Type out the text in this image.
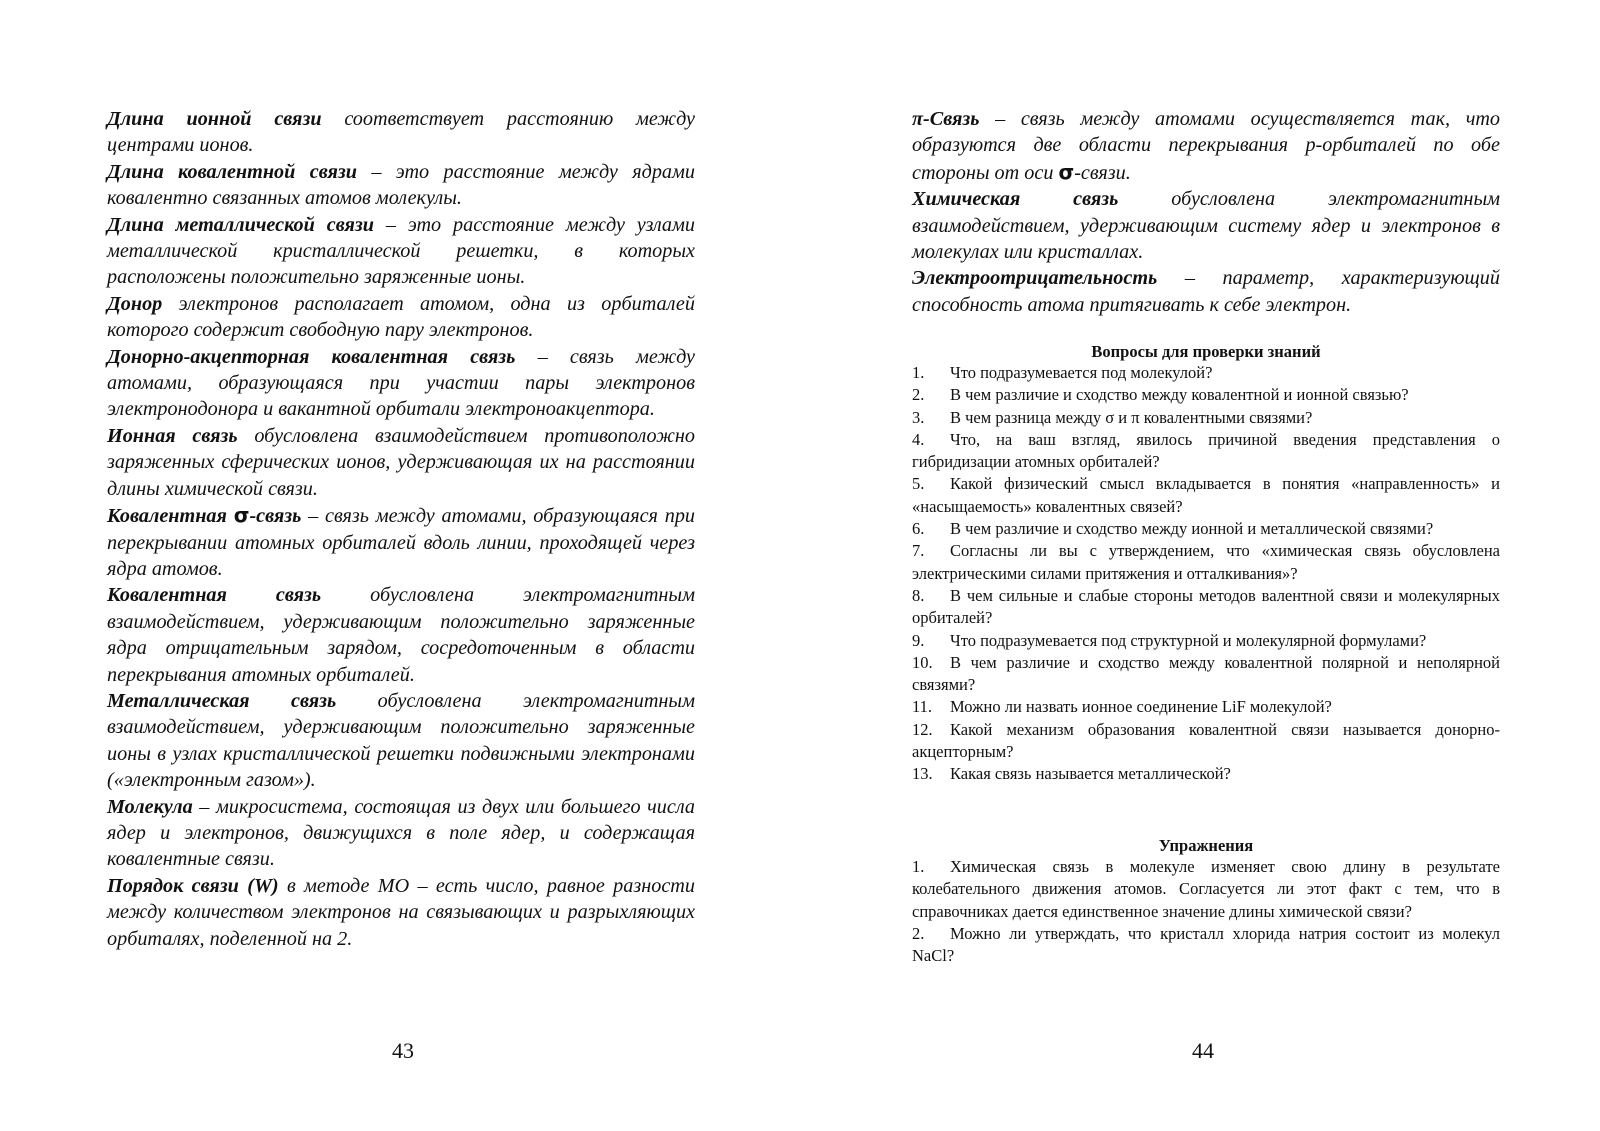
Длина ионной связи соответствует расстоянию между центрами ионов.

Длина ковалентной связи – это расстояние между ядрами ковалентно связанных атомов молекулы.

Длина металлической связи – это расстояние между узлами металлической кристаллической решетки, в которых расположены положительно заряженные ионы.

Донор электронов располагает атомом, одна из орбиталей которого содержит свободную пару электронов.

Донорно-акцепторная ковалентная связь – связь между атомами, образующаяся при участии пары электронов электронодонора и вакантной орбитали электроноакцептора.

Ионная связь обусловлена взаимодействием противоположно заряженных сферических ионов, удерживающая их на расстоянии длины химической связи.

Ковалентная σ-связь – связь между атомами, образующаяся при перекрывании атомных орбиталей вдоль линии, проходящей через ядра атомов.

Ковалентная связь обусловлена электромагнитным взаимодействием, удерживающим положительно заряженные ядра отрицательным зарядом, сосредоточенным в области перекрывания атомных орбиталей.

Металлическая связь обусловлена электромагнитным взаимодействием, удерживающим положительно заряженные ионы в узлах кристаллической решетки подвижными электронами («электронным газом»).

Молекула – микросистема, состоящая из двух или большего числа ядер и электронов, движущихся в поле ядер, и содержащая ковалентные связи.

Порядок связи (W) в методе МО – есть число, равное разности между количеством электронов на связывающих и разрыхляющих орбиталях, поделенной на 2.

43

π-Связь – связь между атомами осуществляется так, что образуются две области перекрывания p-орбиталей по обе стороны от оси σ-связи.

Химическая связь обусловлена электромагнитным взаимодействием, удерживающим систему ядер и электронов в молекулах или кристаллах.

Электроотрицательность – параметр, характеризующий способность атома притягивать к себе электрон.

Вопросы для проверки знаний

1. Что подразумевается под молекулой?

2. В чем различие и сходство между ковалентной и ионной связью?

3. В чем разница между σ и π ковалентными связями?

4. Что, на ваш взгляд, явилось причиной введения представления о гибридизации атомных орбиталей?

5. Какой физический смысл вкладывается в понятия «направленность» и «насыщаемость» ковалентных связей?

6. В чем различие и сходство между ионной и металлической связями?

7. Согласны ли вы с утверждением, что «химическая связь обусловлена электрическими силами притяжения и отталкивания»?

8. В чем сильные и слабые стороны методов валентной связи и молекулярных орбиталей?

9. Что подразумевается под структурной и молекулярной формулами?

10. В чем различие и сходство между ковалентной полярной и неполярной связями?

11. Можно ли назвать ионное соединение LiF молекулой?

12. Какой механизм образования ковалентной связи называется донорно-акцепторным?

13. Какая связь называется металлической?

Упражнения

1. Химическая связь в молекуле изменяет свою длину в результате колебательного движения атомов. Согласуется ли этот факт с тем, что в справочниках дается единственное значение длины химической связи?

2. Можно ли утверждать, что кристалл хлорида натрия состоит из молекул NaCl?

44
